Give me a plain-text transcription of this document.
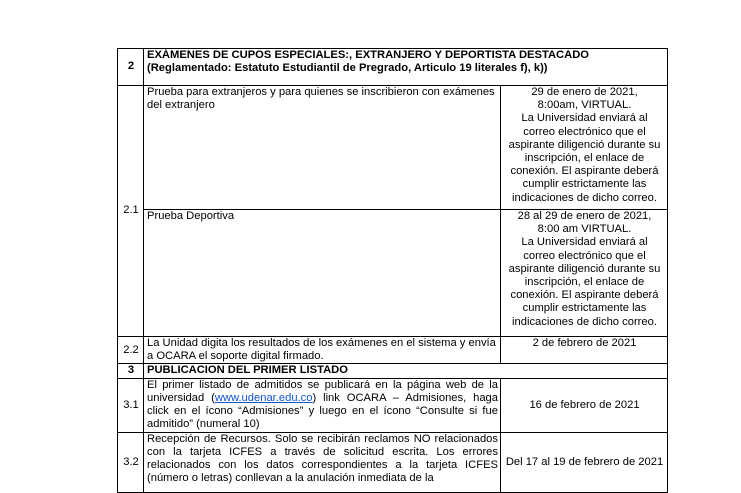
2	EXÁMENES DE CUPOS ESPECIALES:, EXTRANJERO Y DEPORTISTA DESTACADO
(Reglamentado: Estatuto Estudiantil de Pregrado, Articulo 19 literales f), k))	

2.1	Prueba para extranjeros y para quienes se inscribieron con exámenes del extranjero	29 de enero de 2021,
8:00am, VIRTUAL.
La Universidad enviará al correo electrónico que el aspirante diligenció durante su inscripción, el enlace de conexión. El aspirante deberá cumplir estrictamente las indicaciones de dicho correo.

	Prueba Deportiva	28 al 29 de enero de 2021,
8:00 am VIRTUAL.
La Universidad enviará al correo electrónico que el aspirante diligenció durante su inscripción, el enlace de conexión. El aspirante deberá cumplir estrictamente las indicaciones de dicho correo.

2.2	La Unidad digita los resultados de los exámenes en el sistema y envía a OCARA el soporte digital firmado.	2 de febrero de 2021
3	PUBLICACION DEL PRIMER LISTADO	
3.1	El primer listado de admitidos se publicará en la página web de la universidad (www.udenar.edu.co) link OCARA – Admisiones, haga click en el ícono “Admisiones” y luego en el ícono “Consulte si fue admitido” (numeral 10)	16 de febrero de 2021
3.2	Recepción de Recursos. Solo se recibirán reclamos NO relacionados con la tarjeta ICFES a través de solicitud escrita. Los errores relacionados con los datos correspondientes a la tarjeta ICFES (número o letras) conllevan a la anulación inmediata de la	Del 17 al 19 de febrero de 2021
